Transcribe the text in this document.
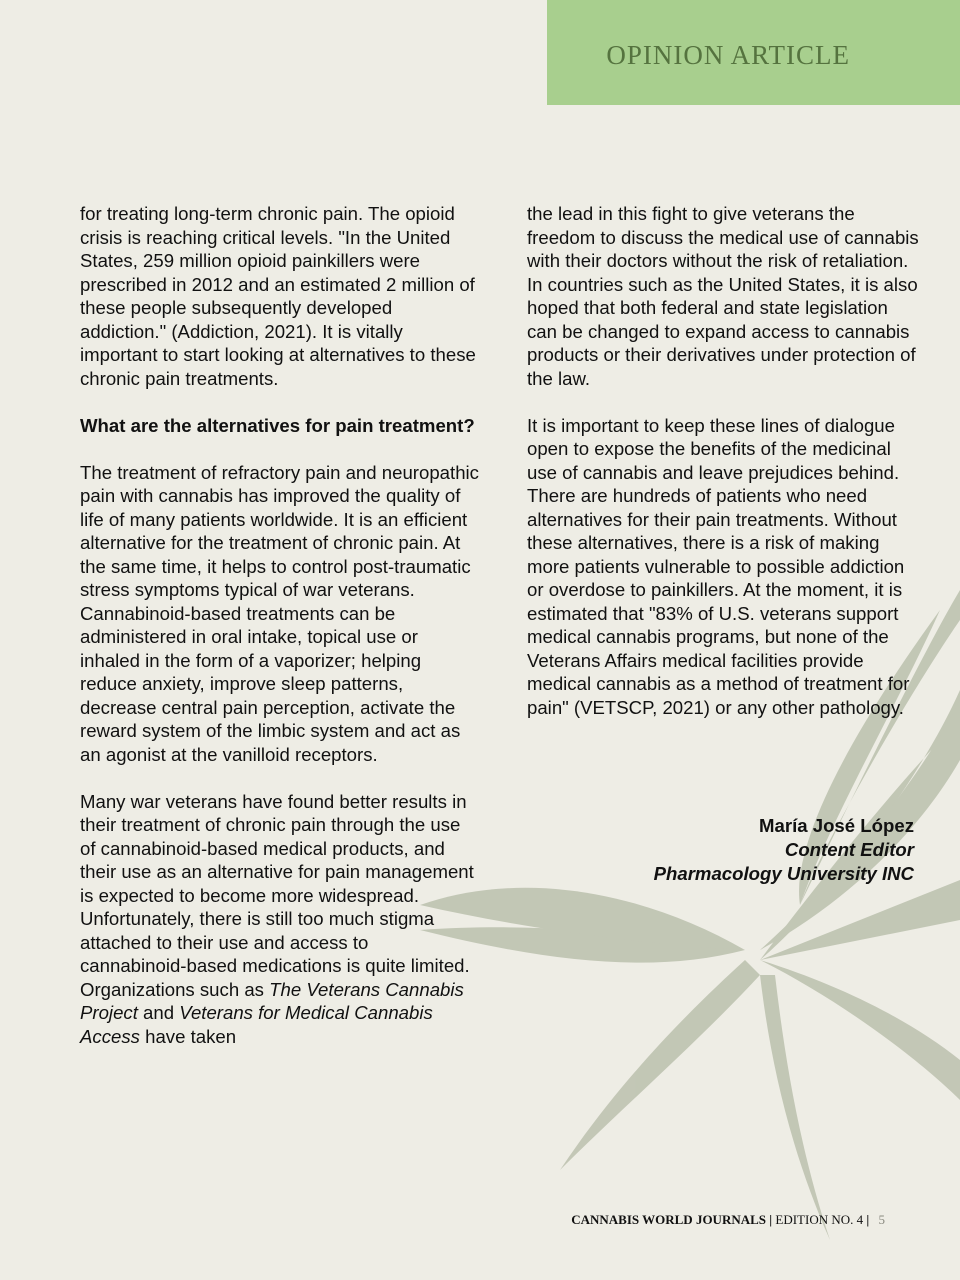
OPINION ARTICLE

for treating long-term chronic pain. The opioid crisis is reaching critical levels. "In the United States, 259 million opioid painkillers were prescribed in 2012 and an estimated 2 million of these people subsequently developed addiction." (Addiction, 2021). It is vitally important to start looking at alternatives to these chronic pain treatments.

What are the alternatives for pain treatment?

The treatment of refractory pain and neuropathic pain with cannabis has improved the quality of life of many patients worldwide. It is an efficient alternative for the treatment of chronic pain. At the same time, it helps to control post-traumatic stress symptoms typical of war veterans. Cannabinoid-based treatments can be administered in oral intake, topical use or inhaled in the form of a vaporizer; helping reduce anxiety, improve sleep patterns, decrease central pain perception, activate the reward system of the limbic system and act as an agonist at the vanilloid receptors.

Many war veterans have found better results in their treatment of chronic pain through the use of cannabinoid-based medical products, and their use as an alternative for pain management is expected to become more widespread. Unfortunately, there is still too much stigma attached to their use and access to cannabinoid-based medications is quite limited. Organizations such as The Veterans Cannabis Project and Veterans for Medical Cannabis Access have taken

the lead in this fight to give veterans the freedom to discuss the medical use of cannabis with their doctors without the risk of retaliation. In countries such as the United States, it is also hoped that both federal and state legislation can be changed to expand access to cannabis products or their derivatives under protection of the law.

It is important to keep these lines of dialogue open to expose the benefits of the medicinal use of cannabis and leave prejudices behind. There are hundreds of patients who need alternatives for their pain treatments. Without these alternatives, there is a risk of making more patients vulnerable to possible addiction or overdose to painkillers. At the moment, it is estimated that "83% of U.S. veterans support medical cannabis programs, but none of the Veterans Affairs medical facilities provide medical cannabis as a method of treatment for pain" (VETSCP, 2021) or any other pathology.

María José López
Content Editor
Pharmacology University INC
CANNABIS WORLD JOURNALS | EDITION NO. 4 | 5
